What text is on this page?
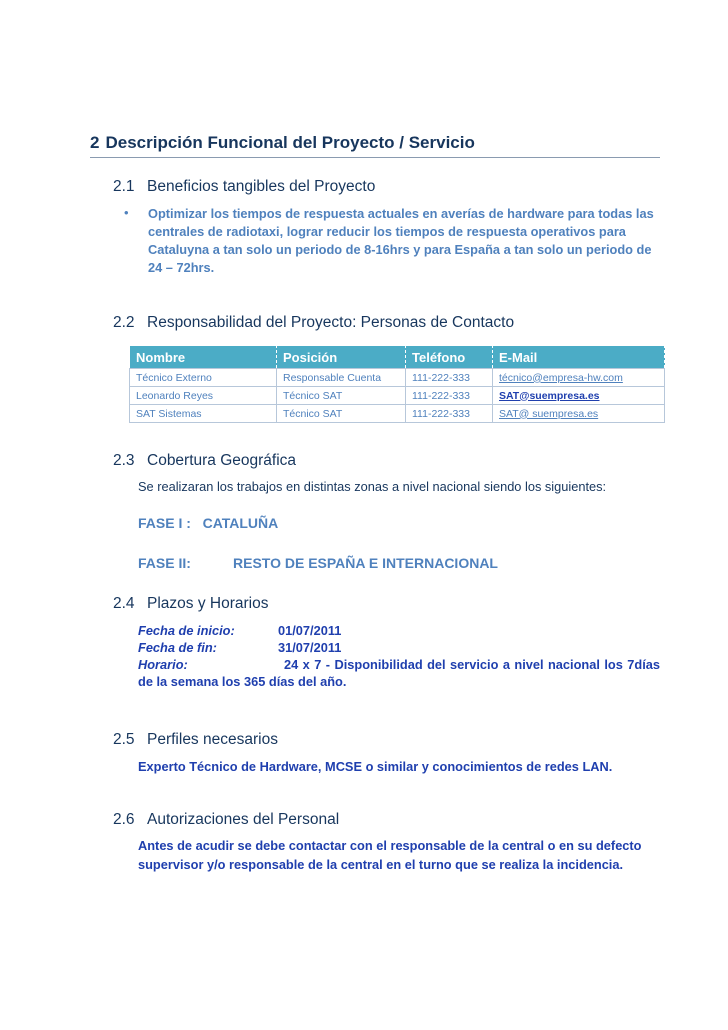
2 Descripción Funcional del Proyecto / Servicio
2.1 Beneficios tangibles del Proyecto
• Optimizar los tiempos de respuesta actuales en averías de hardware para todas las centrales de radiotaxi, lograr reducir los tiempos de respuesta operativos para Cataluyna a tan solo un periodo de 8-16hrs y para España a tan solo un periodo de 24 – 72hrs.
2.2 Responsabilidad del Proyecto: Personas de Contacto
Nombre	Posición	Teléfono	E-Mail
Técnico Externo	Responsable Cuenta	111-222-333	técnico@empresa-hw.com
Leonardo Reyes	Técnico SAT	111-222-333	SAT@suempresa.es
SAT Sistemas	Técnico SAT	111-222-333	SAT@ suempresa.es
2.3 Cobertura Geográfica
Se realizaran los trabajos en distintas zonas a nivel nacional siendo los siguientes:
FASE I : CATALUÑA
FASE II:	RESTO DE ESPAÑA E INTERNACIONAL
2.4 Plazos y Horarios
Fecha de inicio:	01/07/2011
Fecha de fin:	31/07/2011
Horario:	24 x 7 - Disponibilidad del servicio a nivel nacional los 7días
de la semana los 365 días del año.
2.5 Perfiles necesarios
Experto Técnico de Hardware, MCSE o similar y conocimientos de redes LAN.
2.6 Autorizaciones del Personal
Antes de acudir se debe contactar con el responsable de la central o en su defecto
supervisor y/o responsable de la central en el turno que se realiza la incidencia.
